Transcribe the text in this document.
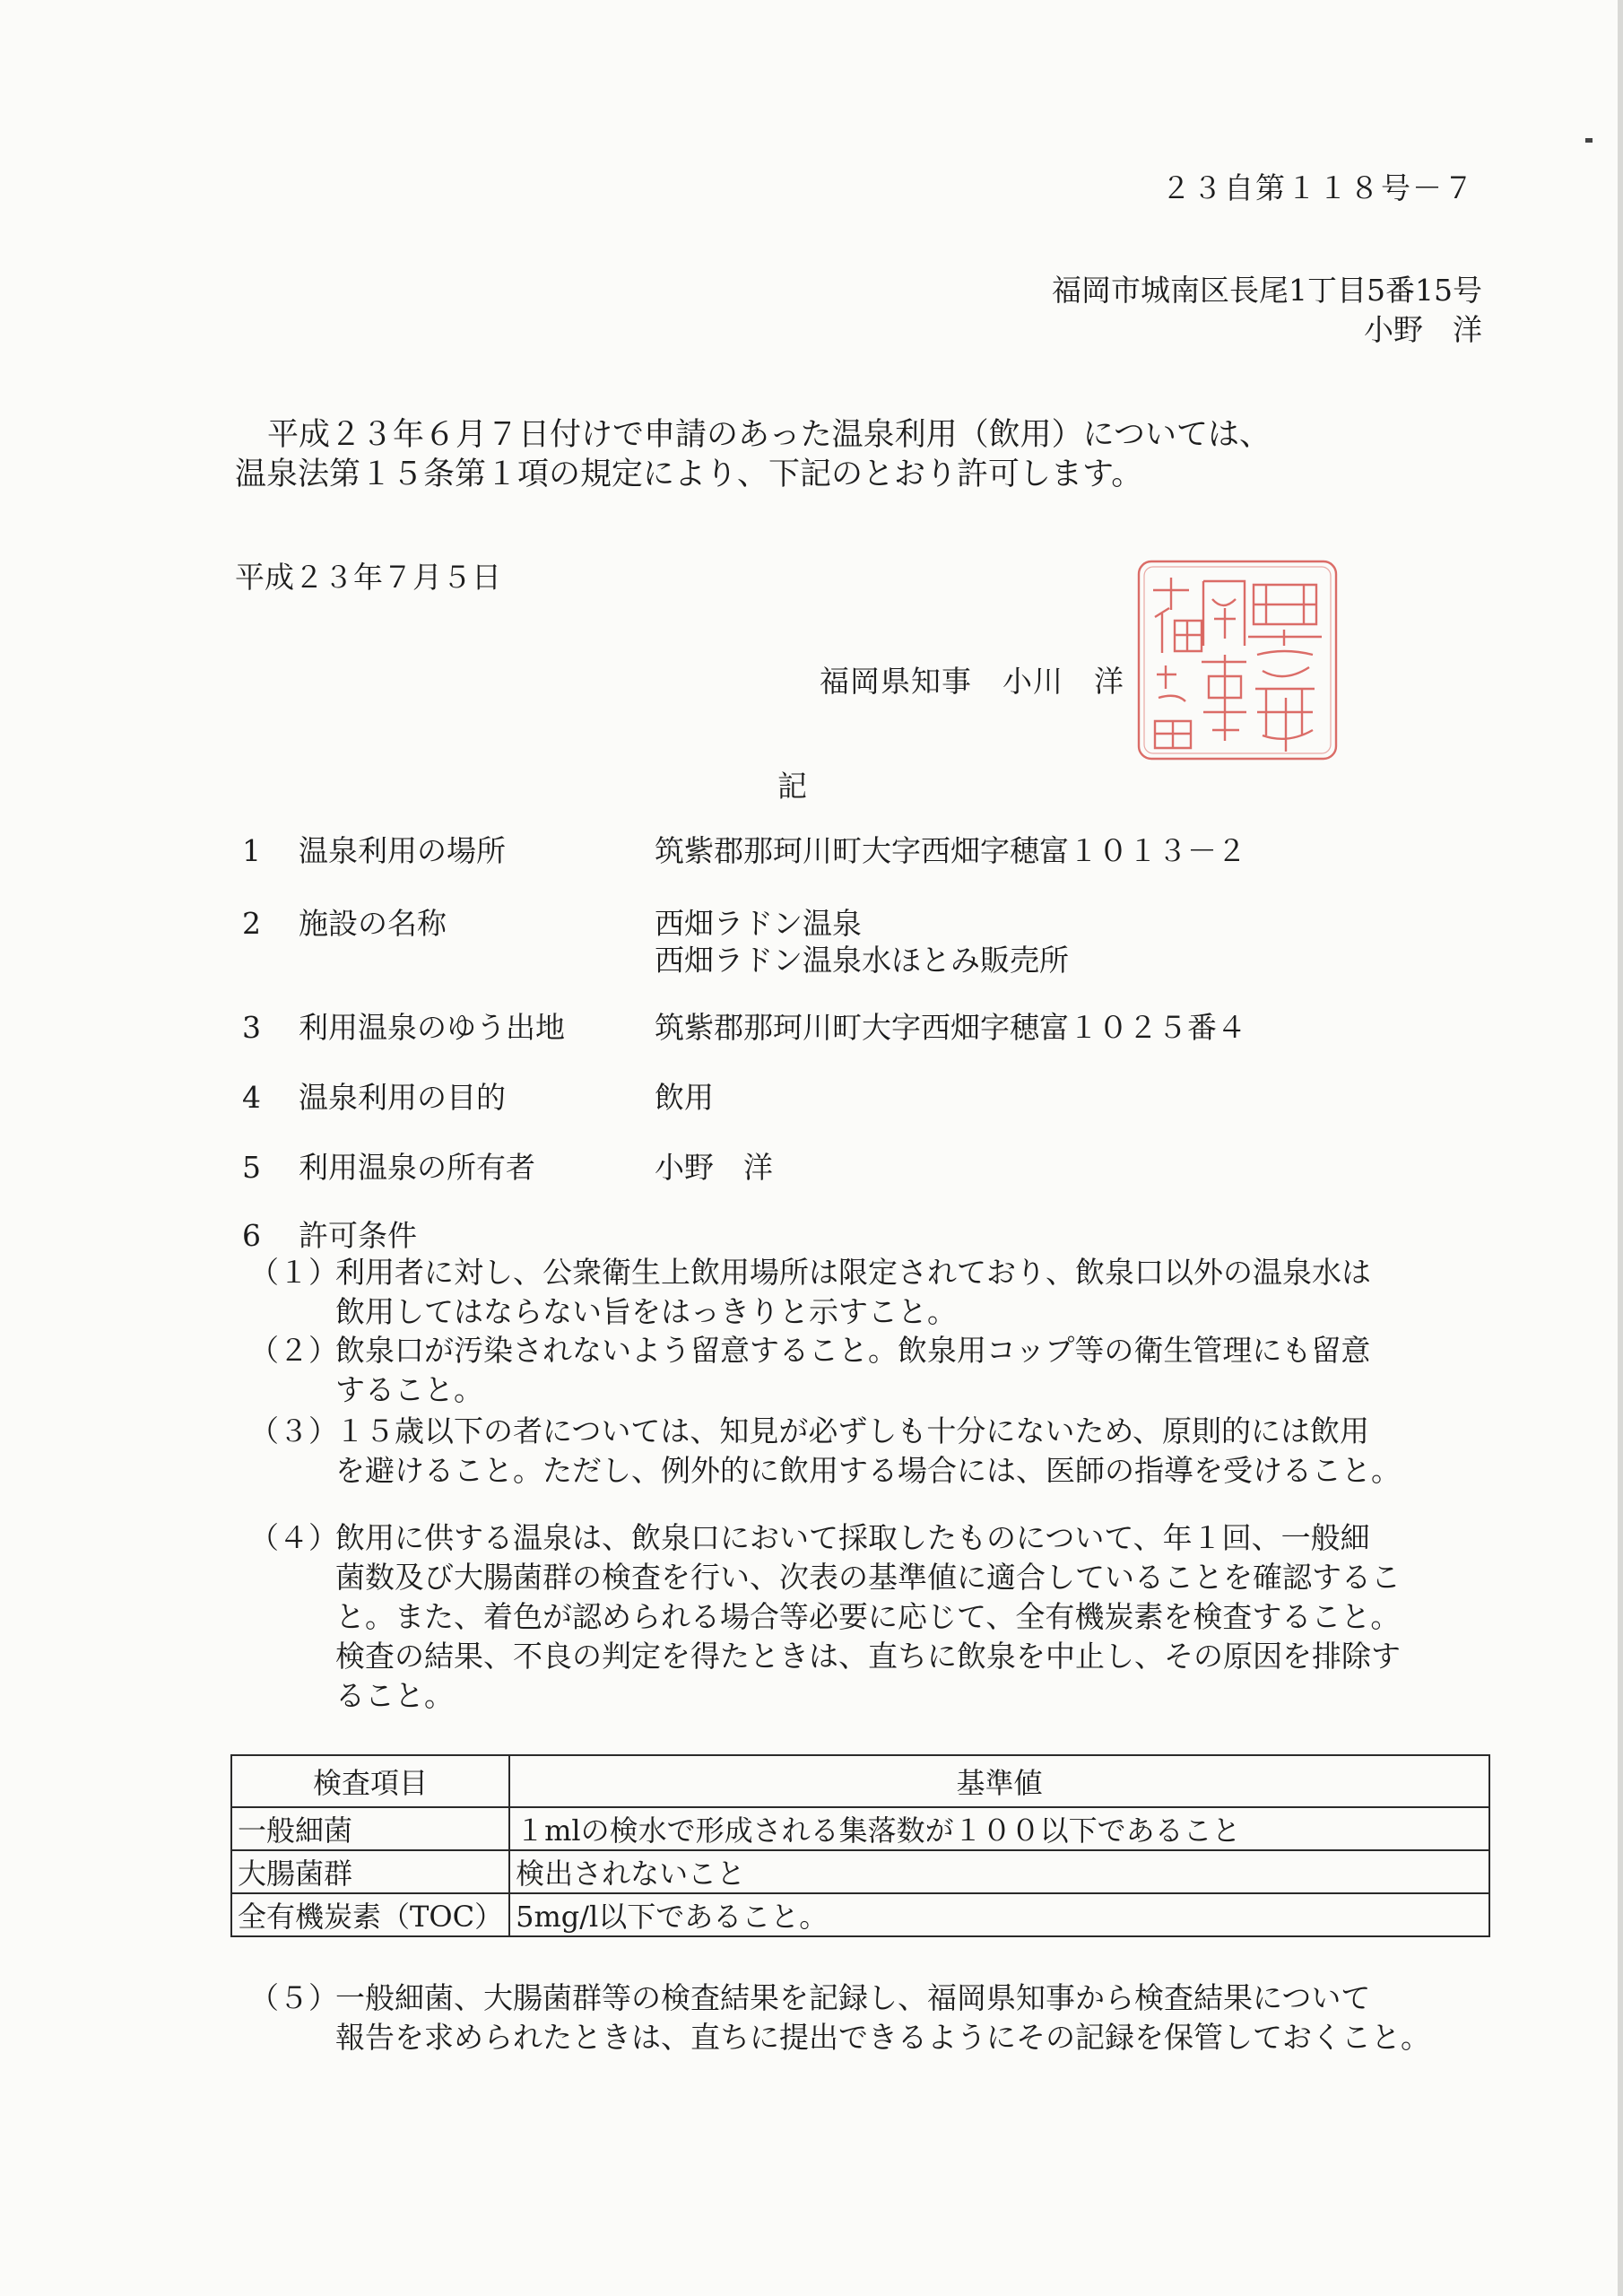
２３自第１１８号－７
福岡市城南区長尾1丁目5番15号
小野　洋
平成２３年６月７日付けで申請のあった温泉利用（飲用）については、
温泉法第１５条第１項の規定により、下記のとおり許可します。
平成２３年７月５日
福岡県知事　小川　洋
福岡県知事之印
記
1 温泉利用の場所	筑紫郡那珂川町大字西畑字穂富１０１３－２
2 施設の名称	西畑ラドン温泉
西畑ラドン温泉水ほとみ販売所
3 利用温泉のゆう出地	筑紫郡那珂川町大字西畑字穂富１０２５番４
4 温泉利用の目的	飲用
5 利用温泉の所有者	小野　洋
6 許可条件
（１）
利用者に対し、公衆衛生上飲用場所は限定されており、飲泉口以外の温泉水は
飲用してはならない旨をはっきりと示すこと。
（２）
飲泉口が汚染されないよう留意すること。飲泉用コップ等の衛生管理にも留意
すること。
（３）
１５歳以下の者については、知見が必ずしも十分にないため、原則的には飲用
を避けること。ただし、例外的に飲用する場合には、医師の指導を受けること。
（４）
飲用に供する温泉は、飲泉口において採取したものについて、年１回、一般細
菌数及び大腸菌群の検査を行い、次表の基準値に適合していることを確認するこ
と。また、着色が認められる場合等必要に応じて、全有機炭素を検査すること。
検査の結果、不良の判定を得たときは、直ちに飲泉を中止し、その原因を排除す
ること。
検査項目	基準値
一般細菌	１mlの検水で形成される集落数が１００以下であること
大腸菌群	検出されないこと
全有機炭素（TOC）	5mg/l以下であること。
（５）
一般細菌、大腸菌群等の検査結果を記録し、福岡県知事から検査結果について
報告を求められたときは、直ちに提出できるようにその記録を保管しておくこと。
